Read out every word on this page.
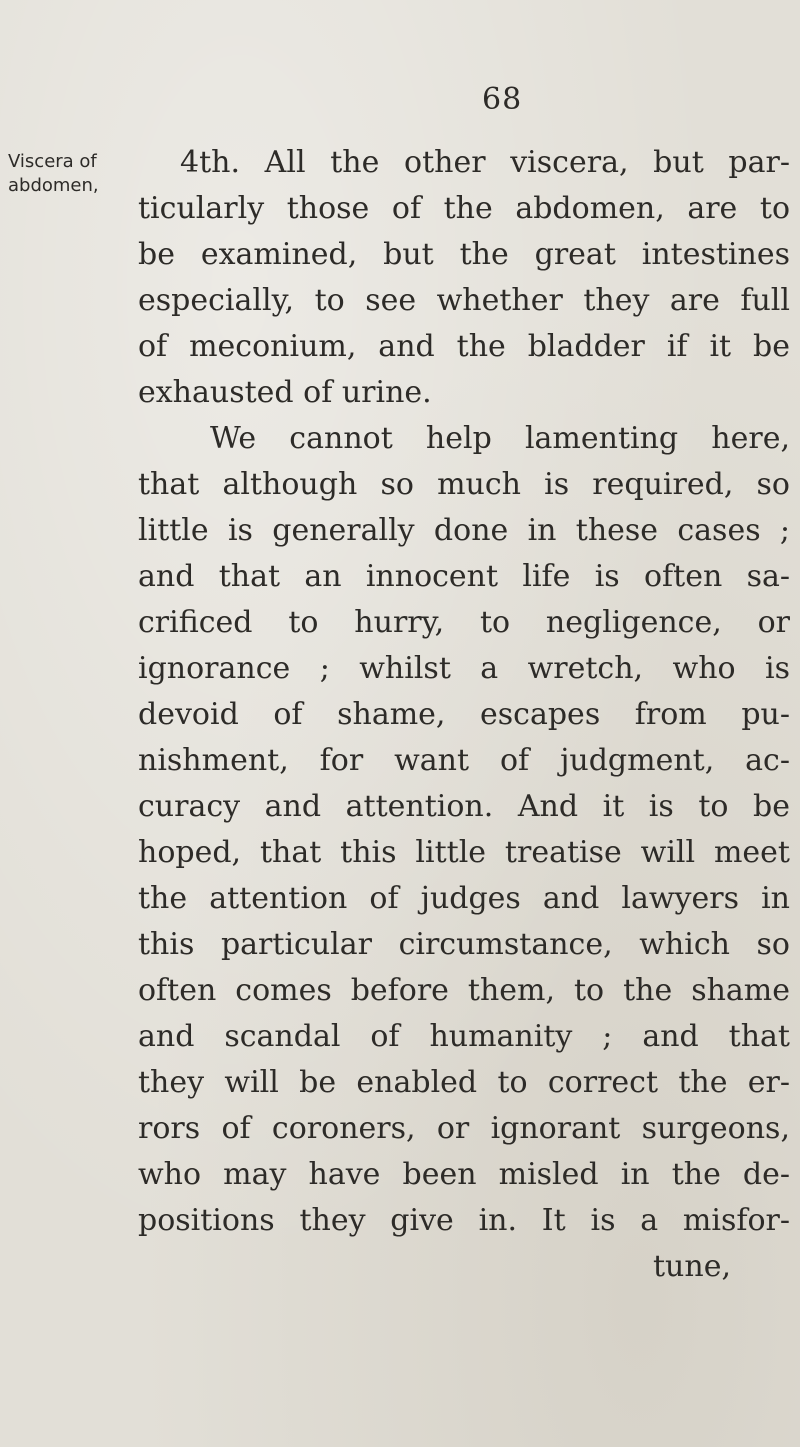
68
Viscera of
abdomen,
4th. All the other viscera, but par-
ticularly those of the abdomen, are to
be examined, but the great intestines
especially, to see whether they are full
of meconium, and the bladder if it be
exhausted of urine.
We cannot help lamenting here,
that although so much is required, so
little is generally done in these cases ;
and that an innocent life is often sa-
crificed to hurry, to negligence, or
ignorance ; whilst a wretch, who is
devoid of shame, escapes from pu-
nishment, for want of judgment, ac-
curacy and attention. And it is to be
hoped, that this little treatise will meet
the attention of judges and lawyers in
this particular circumstance, which so
often comes before them, to the shame
and scandal of humanity ; and that
they will be enabled to correct the er-
rors of coroners, or ignorant surgeons,
who may have been misled in the de-
positions they give in. It is a misfor-
tune,
